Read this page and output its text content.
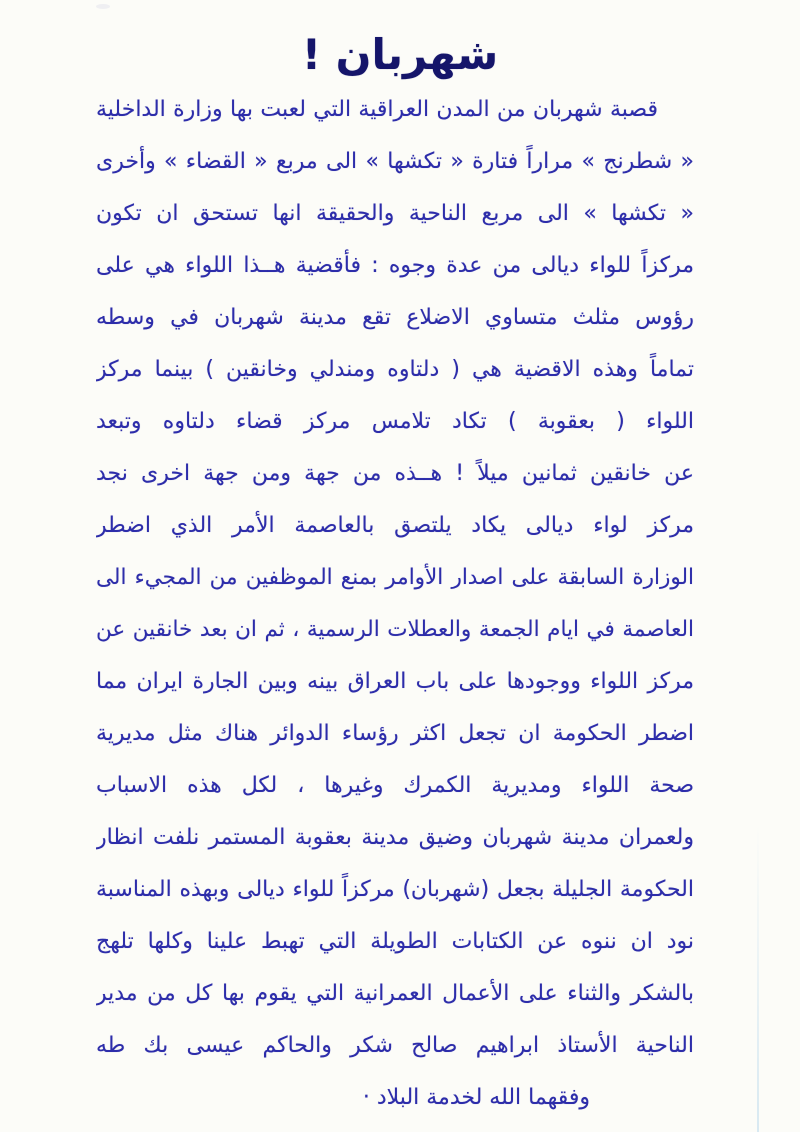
شهربان !
قصبة شهربان من المدن العراقية التي لعبت بها وزارة الداخلية
« شطرنج » مراراً فتارة « تكشها » الى مربع « القضاء » وأخرى
« تكشها » الى مربع الناحية والحقيقة انها تستحق ان تكون
مركزاً للواء ديالى من عدة وجوه : فأقضية هــذا اللواء هي على
رؤوس مثلث متساوي الاضلاع تقع مدينة شهربان في وسطه
تماماً وهذه الاقضية هي ( دلتاوه ومندلي وخانقين ) بينما مركز
اللواء ( بعقوبة ) تكاد تلامس مركز قضاء دلتاوه وتبعد
عن خانقين ثمانين ميلاً ! هــذه من جهة ومن جهة اخرى نجد
مركز لواء ديالى يكاد يلتصق بالعاصمة الأمر الذي اضطر
الوزارة السابقة على اصدار الأوامر بمنع الموظفين من المجيء الى
العاصمة في ايام الجمعة والعطلات الرسمية ، ثم ان بعد خانقين عن
مركز اللواء ووجودها على باب العراق بينه وبين الجارة ايران مما
اضطر الحكومة ان تجعل اكثر رؤساء الدوائر هناك مثل مديرية
صحة اللواء ومديرية الكمرك وغيرها ، لكل هذه الاسباب
ولعمران مدينة شهربان وضيق مدينة بعقوبة المستمر نلفت انظار
الحكومة الجليلة بجعل (شهربان) مركزاً للواء ديالى وبهذه المناسبة
نود ان ننوه عن الكتابات الطويلة التي تهبط علينا وكلها تلهج
بالشكر والثناء على الأعمال العمرانية التي يقوم بها كل من مدير
الناحية الأستاذ ابراهيم صالح شكر والحاكم عيسى بك طه
وفقهما الله لخدمة البلاد ·
